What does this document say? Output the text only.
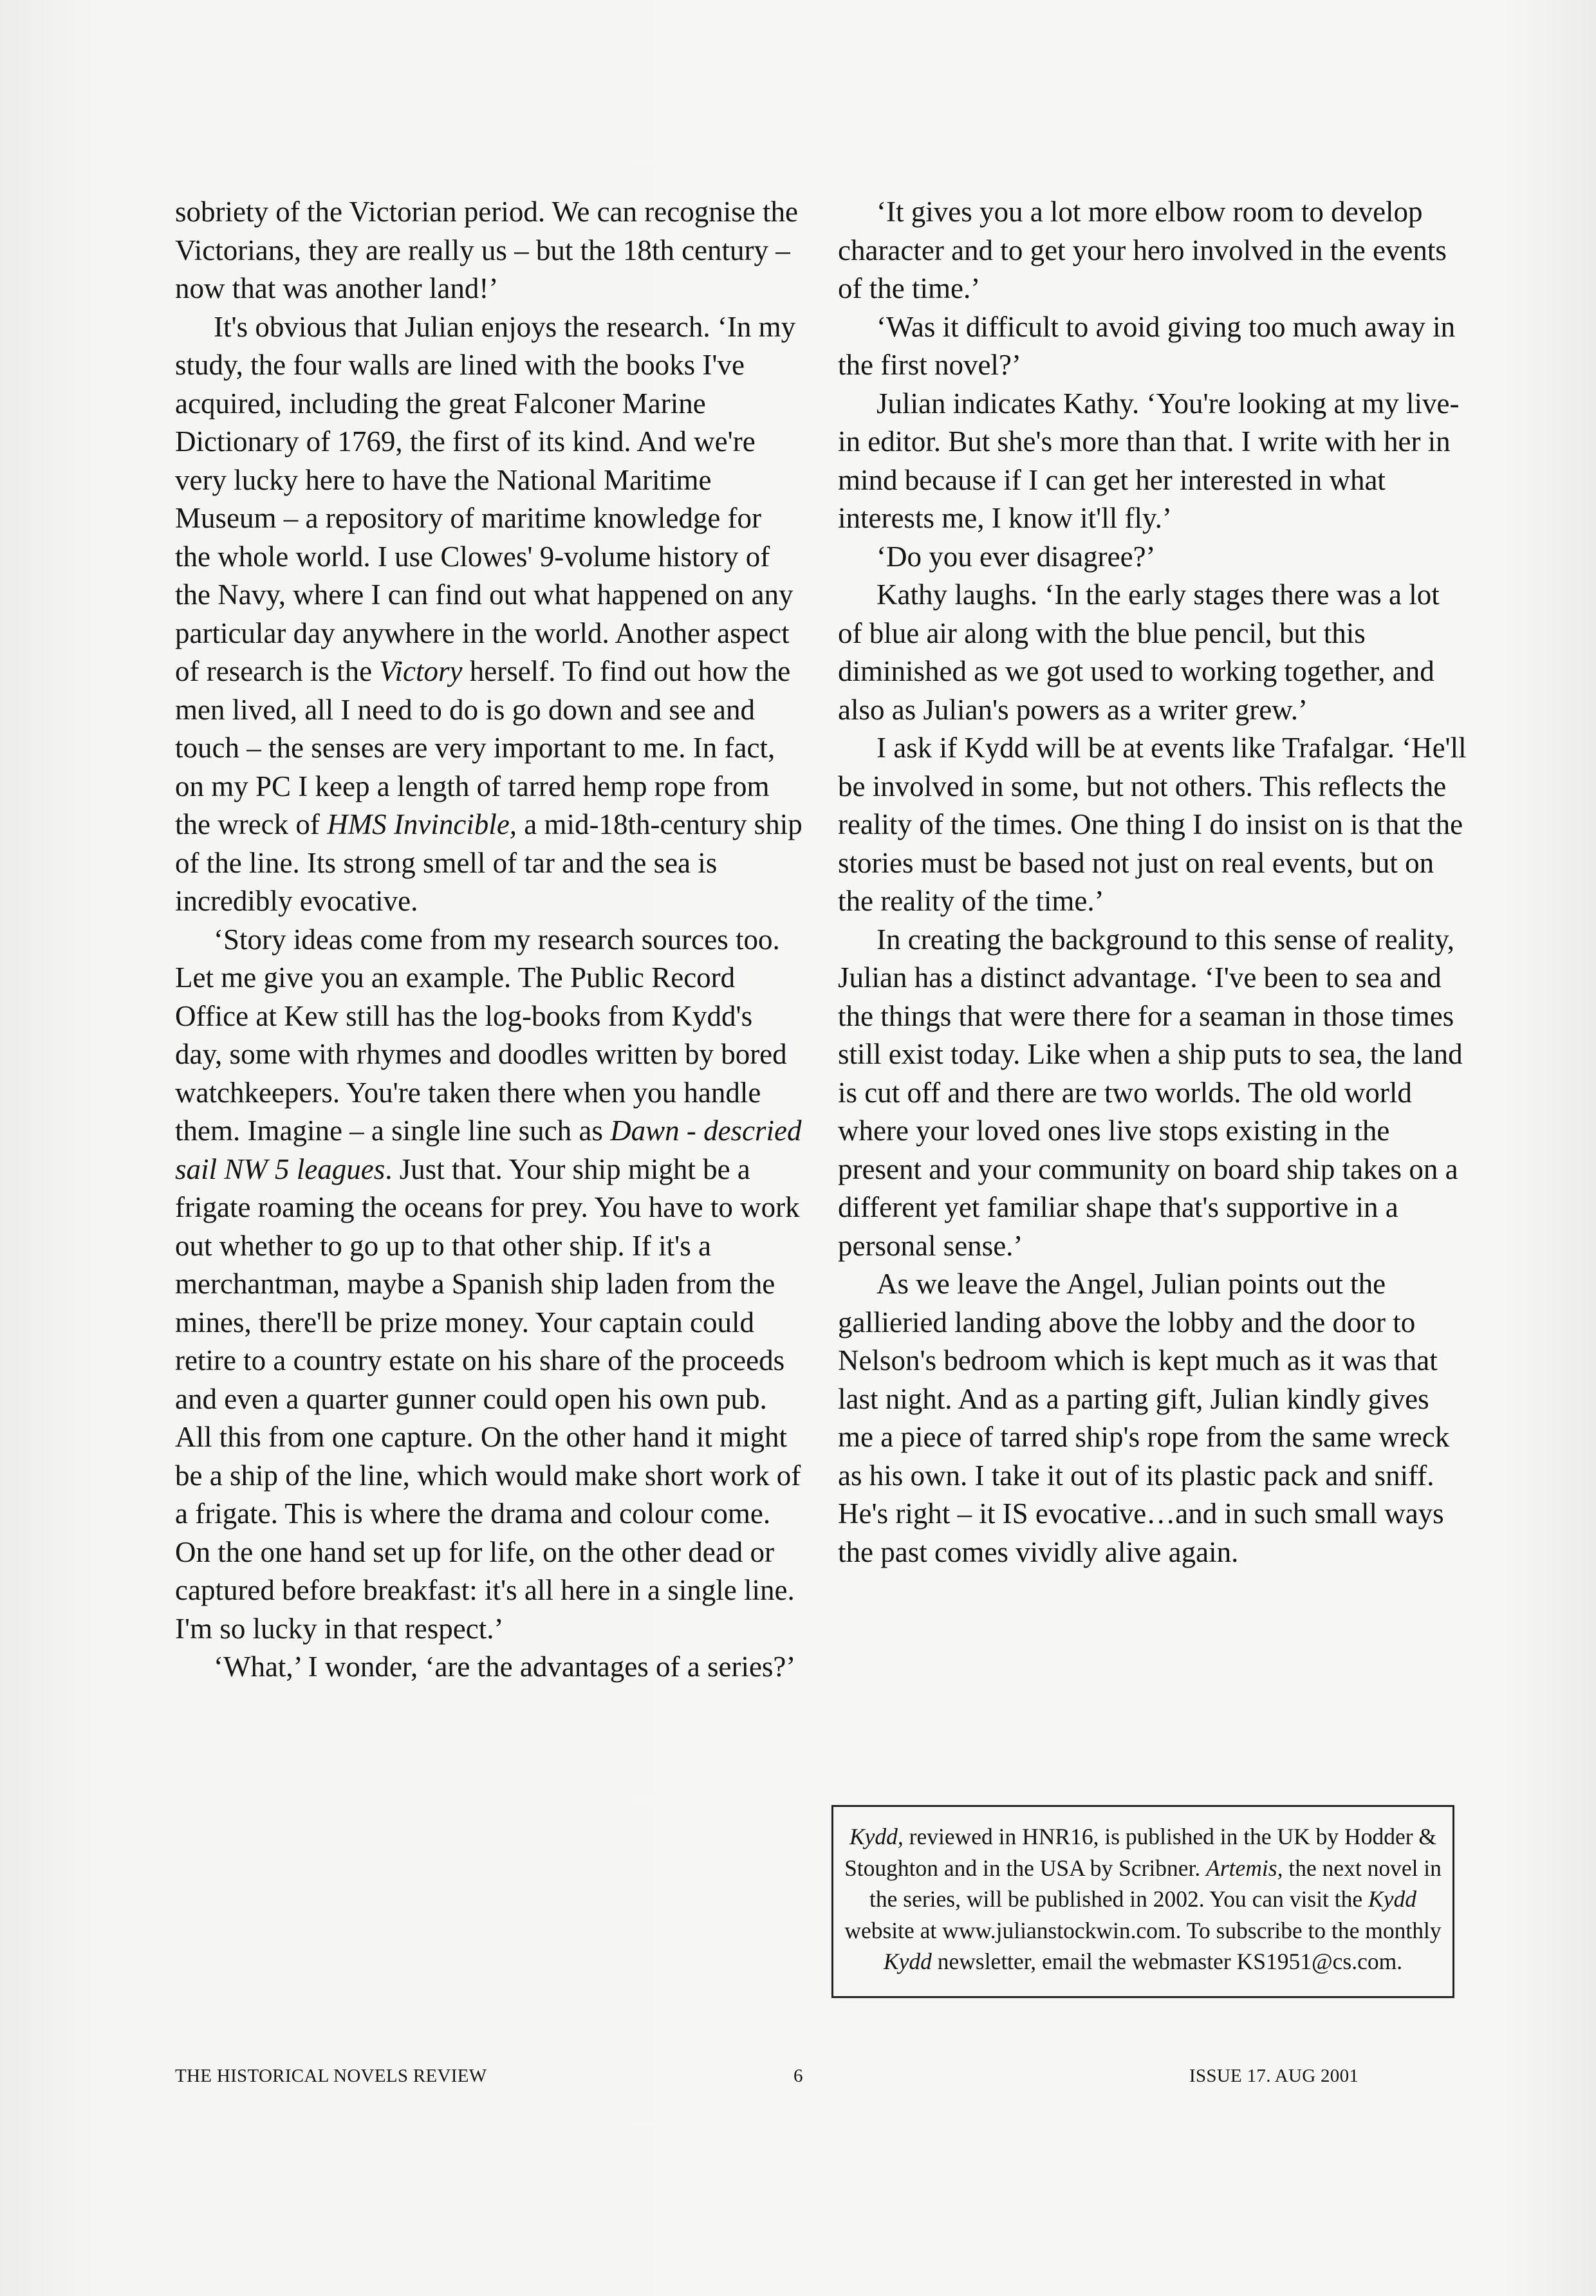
sobriety of the Victorian period. We can recognise the Victorians, they are really us – but the 18th century – now that was another land!’

It's obvious that Julian enjoys the research. ‘In my study, the four walls are lined with the books I've acquired, including the great Falconer Marine Dictionary of 1769, the first of its kind. And we're very lucky here to have the National Maritime Museum – a repository of maritime knowledge for the whole world. I use Clowes' 9-volume history of the Navy, where I can find out what happened on any particular day anywhere in the world. Another aspect of research is the Victory herself. To find out how the men lived, all I need to do is go down and see and touch – the senses are very important to me. In fact, on my PC I keep a length of tarred hemp rope from the wreck of HMS Invincible, a mid-18th-century ship of the line. Its strong smell of tar and the sea is incredibly evocative.

‘Story ideas come from my research sources too. Let me give you an example. The Public Record Office at Kew still has the log-books from Kydd's day, some with rhymes and doodles written by bored watchkeepers. You're taken there when you handle them. Imagine – a single line such as Dawn - descried sail NW 5 leagues. Just that. Your ship might be a frigate roaming the oceans for prey. You have to work out whether to go up to that other ship. If it's a merchantman, maybe a Spanish ship laden from the mines, there'll be prize money. Your captain could retire to a country estate on his share of the proceeds and even a quarter gunner could open his own pub. All this from one capture. On the other hand it might be a ship of the line, which would make short work of a frigate. This is where the drama and colour come. On the one hand set up for life, on the other dead or captured before breakfast: it's all here in a single line. I'm so lucky in that respect.’

‘What,’ I wonder, ‘are the advantages of a series?’

‘It gives you a lot more elbow room to develop character and to get your hero involved in the events of the time.’

‘Was it difficult to avoid giving too much away in the first novel?’

Julian indicates Kathy. ‘You're looking at my live-in editor. But she's more than that. I write with her in mind because if I can get her interested in what interests me, I know it'll fly.’

‘Do you ever disagree?’

Kathy laughs. ‘In the early stages there was a lot of blue air along with the blue pencil, but this diminished as we got used to working together, and also as Julian's powers as a writer grew.’

I ask if Kydd will be at events like Trafalgar. ‘He'll be involved in some, but not others. This reflects the reality of the times. One thing I do insist on is that the stories must be based not just on real events, but on the reality of the time.’

In creating the background to this sense of reality, Julian has a distinct advantage. ‘I've been to sea and the things that were there for a seaman in those times still exist today. Like when a ship puts to sea, the land is cut off and there are two worlds. The old world where your loved ones live stops existing in the present and your community on board ship takes on a different yet familiar shape that's supportive in a personal sense.’

As we leave the Angel, Julian points out the gallieried landing above the lobby and the door to Nelson's bedroom which is kept much as it was that last night. And as a parting gift, Julian kindly gives me a piece of tarred ship's rope from the same wreck as his own. I take it out of its plastic pack and sniff. He's right – it IS evocative…and in such small ways the past comes vividly alive again.

Kydd, reviewed in HNR16, is published in the UK by Hodder & Stoughton and in the USA by Scribner. Artemis, the next novel in the series, will be published in 2002. You can visit the Kydd website at www.julianstockwin.com. To subscribe to the monthly Kydd newsletter, email the webmaster KS1951@cs.com.
THE HISTORICAL NOVELS REVIEW	6	ISSUE 17. AUG 2001
